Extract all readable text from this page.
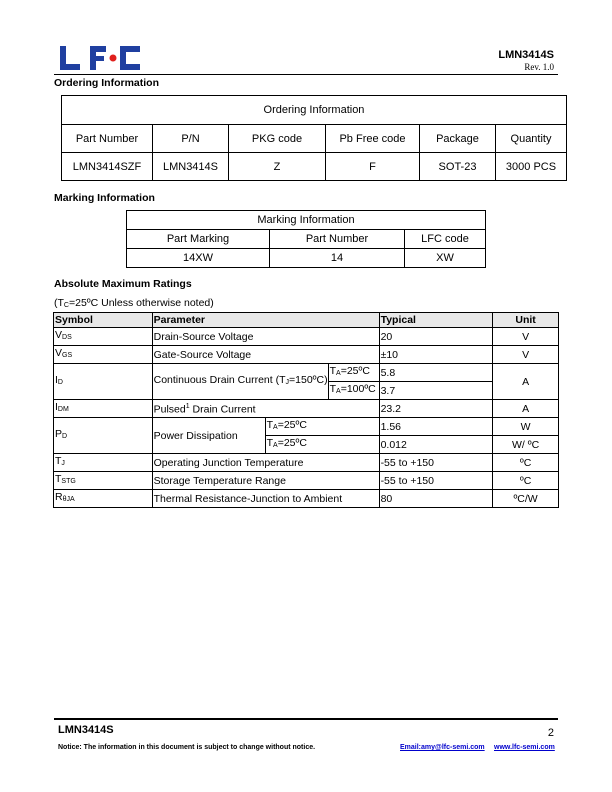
LMN3414S
Rev. 1.0
Ordering Information
Ordering Information					
Part Number	P/N	PKG code	Pb Free code	Package	Quantity
LMN3414SZF	LMN3414S	Z	F	SOT-23	3000 PCS
Marking Information
Marking Information		
Part Marking	Part Number	LFC code
14XW	14	XW
Absolute Maximum Ratings
($T_C=25ºC$ Unless otherwise noted)
Symbol	Parameter			Typical	Unit
$V_{DS}$	Drain-Source Voltage			20	V
$V_{GS}$	Gate-Source Voltage			±10	V
$I_D$	Continuous Drain Current $(T_J=150ºC)$		$T_A=25ºC$	5.8	A
			$T_A=100ºC$	3.7	
$I_{DM}$	Pulsed$^1$ Drain Current			23.2	A
$P_D$	Power Dissipation	$T_A=25ºC$		1.56	W
		$T_A=25ºC$		0.012	W/ ºC
$T_J$	Operating Junction Temperature			-55 to +150	ºC
$T_{STG}$	Storage Temperature Range			-55 to +150	ºC
$R_{\theta JA}$	Thermal Resistance-Junction to Ambient			80	ºC/W
LMN3414S	2
Notice: The information in this document is subject to change without notice.	Email:amy@lfc-semi.com www.lfc-semi.com
